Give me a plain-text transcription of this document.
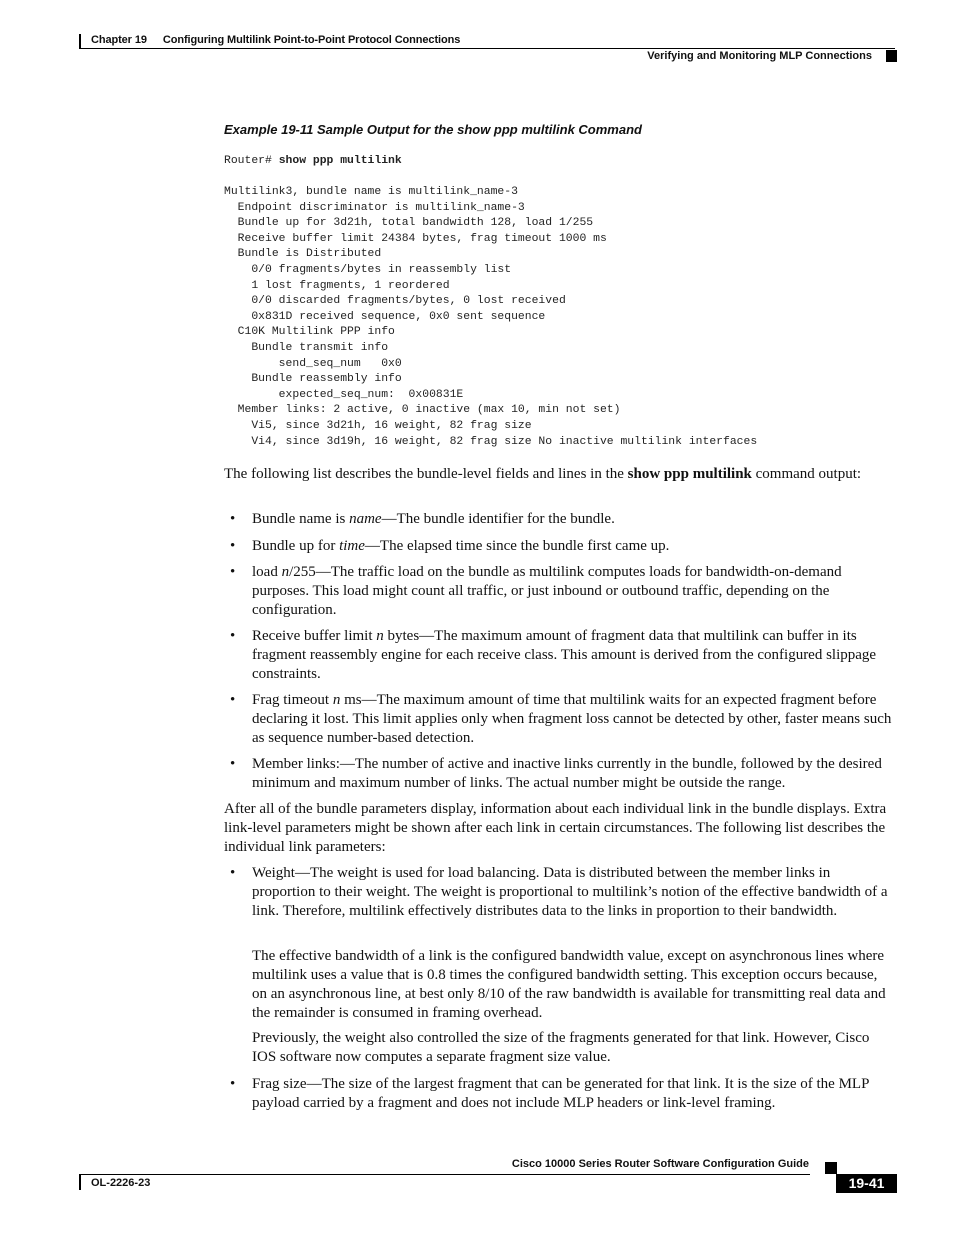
Chapter 19 Configuring Multilink Point-to-Point Protocol Connections
Verifying and Monitoring MLP Connections
Example 19-11 Sample Output for the show ppp multilink Command
Router# show ppp multilink
Multilink3, bundle name is multilink_name-3
Endpoint discriminator is multilink_name-3
Bundle up for 3d21h, total bandwidth 128, load 1/255
Receive buffer limit 24384 bytes, frag timeout 1000 ms
Bundle is Distributed
0/0 fragments/bytes in reassembly list
1 lost fragments, 1 reordered
0/0 discarded fragments/bytes, 0 lost received
0x831D received sequence, 0x0 sent sequence
C10K Multilink PPP info
Bundle transmit info
send_seq_num   0x0
Bundle reassembly info
expected_seq_num:  0x00831E
Member links: 2 active, 0 inactive (max 10, min not set)
Vi5, since 3d21h, 16 weight, 82 frag size
Vi4, since 3d19h, 16 weight, 82 frag size No inactive multilink interfaces

The following list describes the bundle-level fields and lines in the show ppp multilink command output:

• Bundle name is name—The bundle identifier for the bundle.
• Bundle up for time—The elapsed time since the bundle first came up.
• load n/255—The traffic load on the bundle as multilink computes loads for bandwidth-on-demand purposes. This load might count all traffic, or just inbound or outbound traffic, depending on the configuration.
• Receive buffer limit n bytes—The maximum amount of fragment data that multilink can buffer in its fragment reassembly engine for each receive class. This amount is derived from the configured slippage constraints.
• Frag timeout n ms—The maximum amount of time that multilink waits for an expected fragment before declaring it lost. This limit applies only when fragment loss cannot be detected by other, faster means such as sequence number-based detection.
• Member links:—The number of active and inactive links currently in the bundle, followed by the desired minimum and maximum number of links. The actual number might be outside the range.

After all of the bundle parameters display, information about each individual link in the bundle displays. Extra link-level parameters might be shown after each link in certain circumstances. The following list describes the individual link parameters:

• Weight—The weight is used for load balancing. Data is distributed between the member links in proportion to their weight. The weight is proportional to multilink’s notion of the effective bandwidth of a link. Therefore, multilink effectively distributes data to the links in proportion to their bandwidth.

The effective bandwidth of a link is the configured bandwidth value, except on asynchronous lines where multilink uses a value that is 0.8 times the configured bandwidth setting. This exception occurs because, on an asynchronous line, at best only 8/10 of the raw bandwidth is available for transmitting real data and the remainder is consumed in framing overhead.

Previously, the weight also controlled the size of the fragments generated for that link. However, Cisco IOS software now computes a separate fragment size value.

• Frag size—The size of the largest fragment that can be generated for that link. It is the size of the MLP payload carried by a fragment and does not include MLP headers or link-level framing.
Cisco 10000 Series Router Software Configuration Guide
OL-2226-23	19-41
